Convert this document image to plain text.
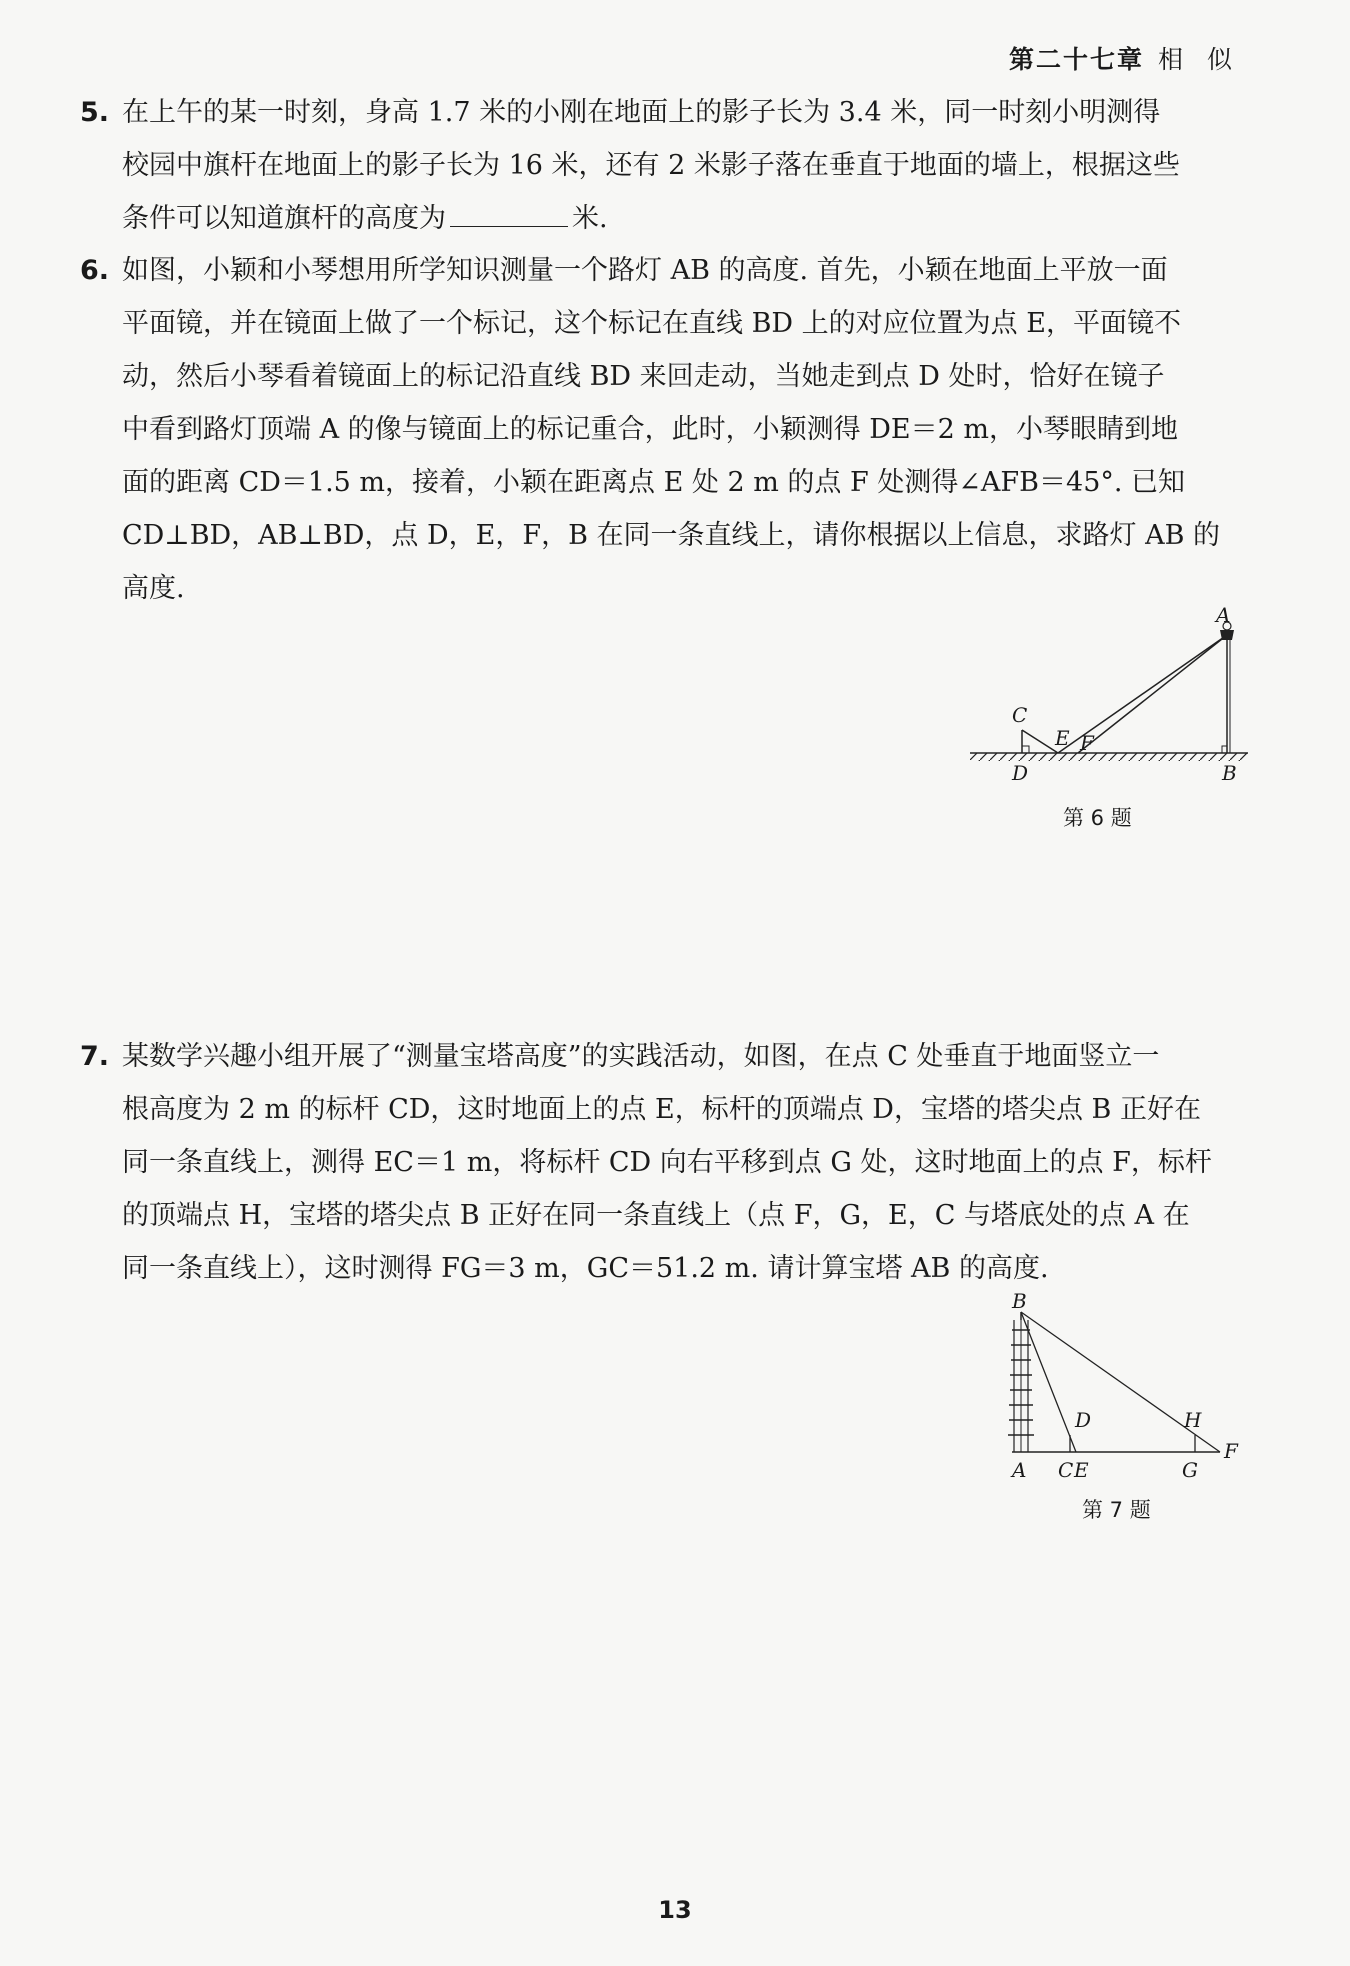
第二十七章 相 似
5. 在上午的某一时刻，身高 1.7 米的小刚在地面上的影子长为 3.4 米，同一时刻小明测得
校园中旗杆在地面上的影子长为 16 米，还有 2 米影子落在垂直于地面的墙上，根据这些
条件可以知道旗杆的高度为	米.
6. 如图，小颖和小琴想用所学知识测量一个路灯 AB 的高度. 首先，小颖在地面上平放一面
平面镜，并在镜面上做了一个标记，这个标记在直线 BD 上的对应位置为点 E，平面镜不
动，然后小琴看着镜面上的标记沿直线 BD 来回走动，当她走到点 D 处时，恰好在镜子
中看到路灯顶端 A 的像与镜面上的标记重合，此时，小颖测得 DE＝2 m，小琴眼睛到地
面的距离 CD＝1.5 m，接着，小颖在距离点 E 处 2 m 的点 F 处测得∠AFB＝45°. 已知
CD⊥BD，AB⊥BD，点 D，E，F，B 在同一条直线上，请你根据以上信息，求路灯 AB 的
高度.
A
B
C
D
E F
第 6 题
7. 某数学兴趣小组开展了“测量宝塔高度”的实践活动，如图，在点 C 处垂直于地面竖立一
根高度为 2 m 的标杆 CD，这时地面上的点 E，标杆的顶端点 D，宝塔的塔尖点 B 正好在
同一条直线上，测得 EC＝1 m，将标杆 CD 向右平移到点 G 处，这时地面上的点 F，标杆
的顶端点 H，宝塔的塔尖点 B 正好在同一条直线上（点 F，G，E，C 与塔底处的点 A 在
同一条直线上），这时测得 FG＝3 m，GC＝51.2 m. 请计算宝塔 AB 的高度.
B
A C E
D
G
H
F
第 7 题
13
